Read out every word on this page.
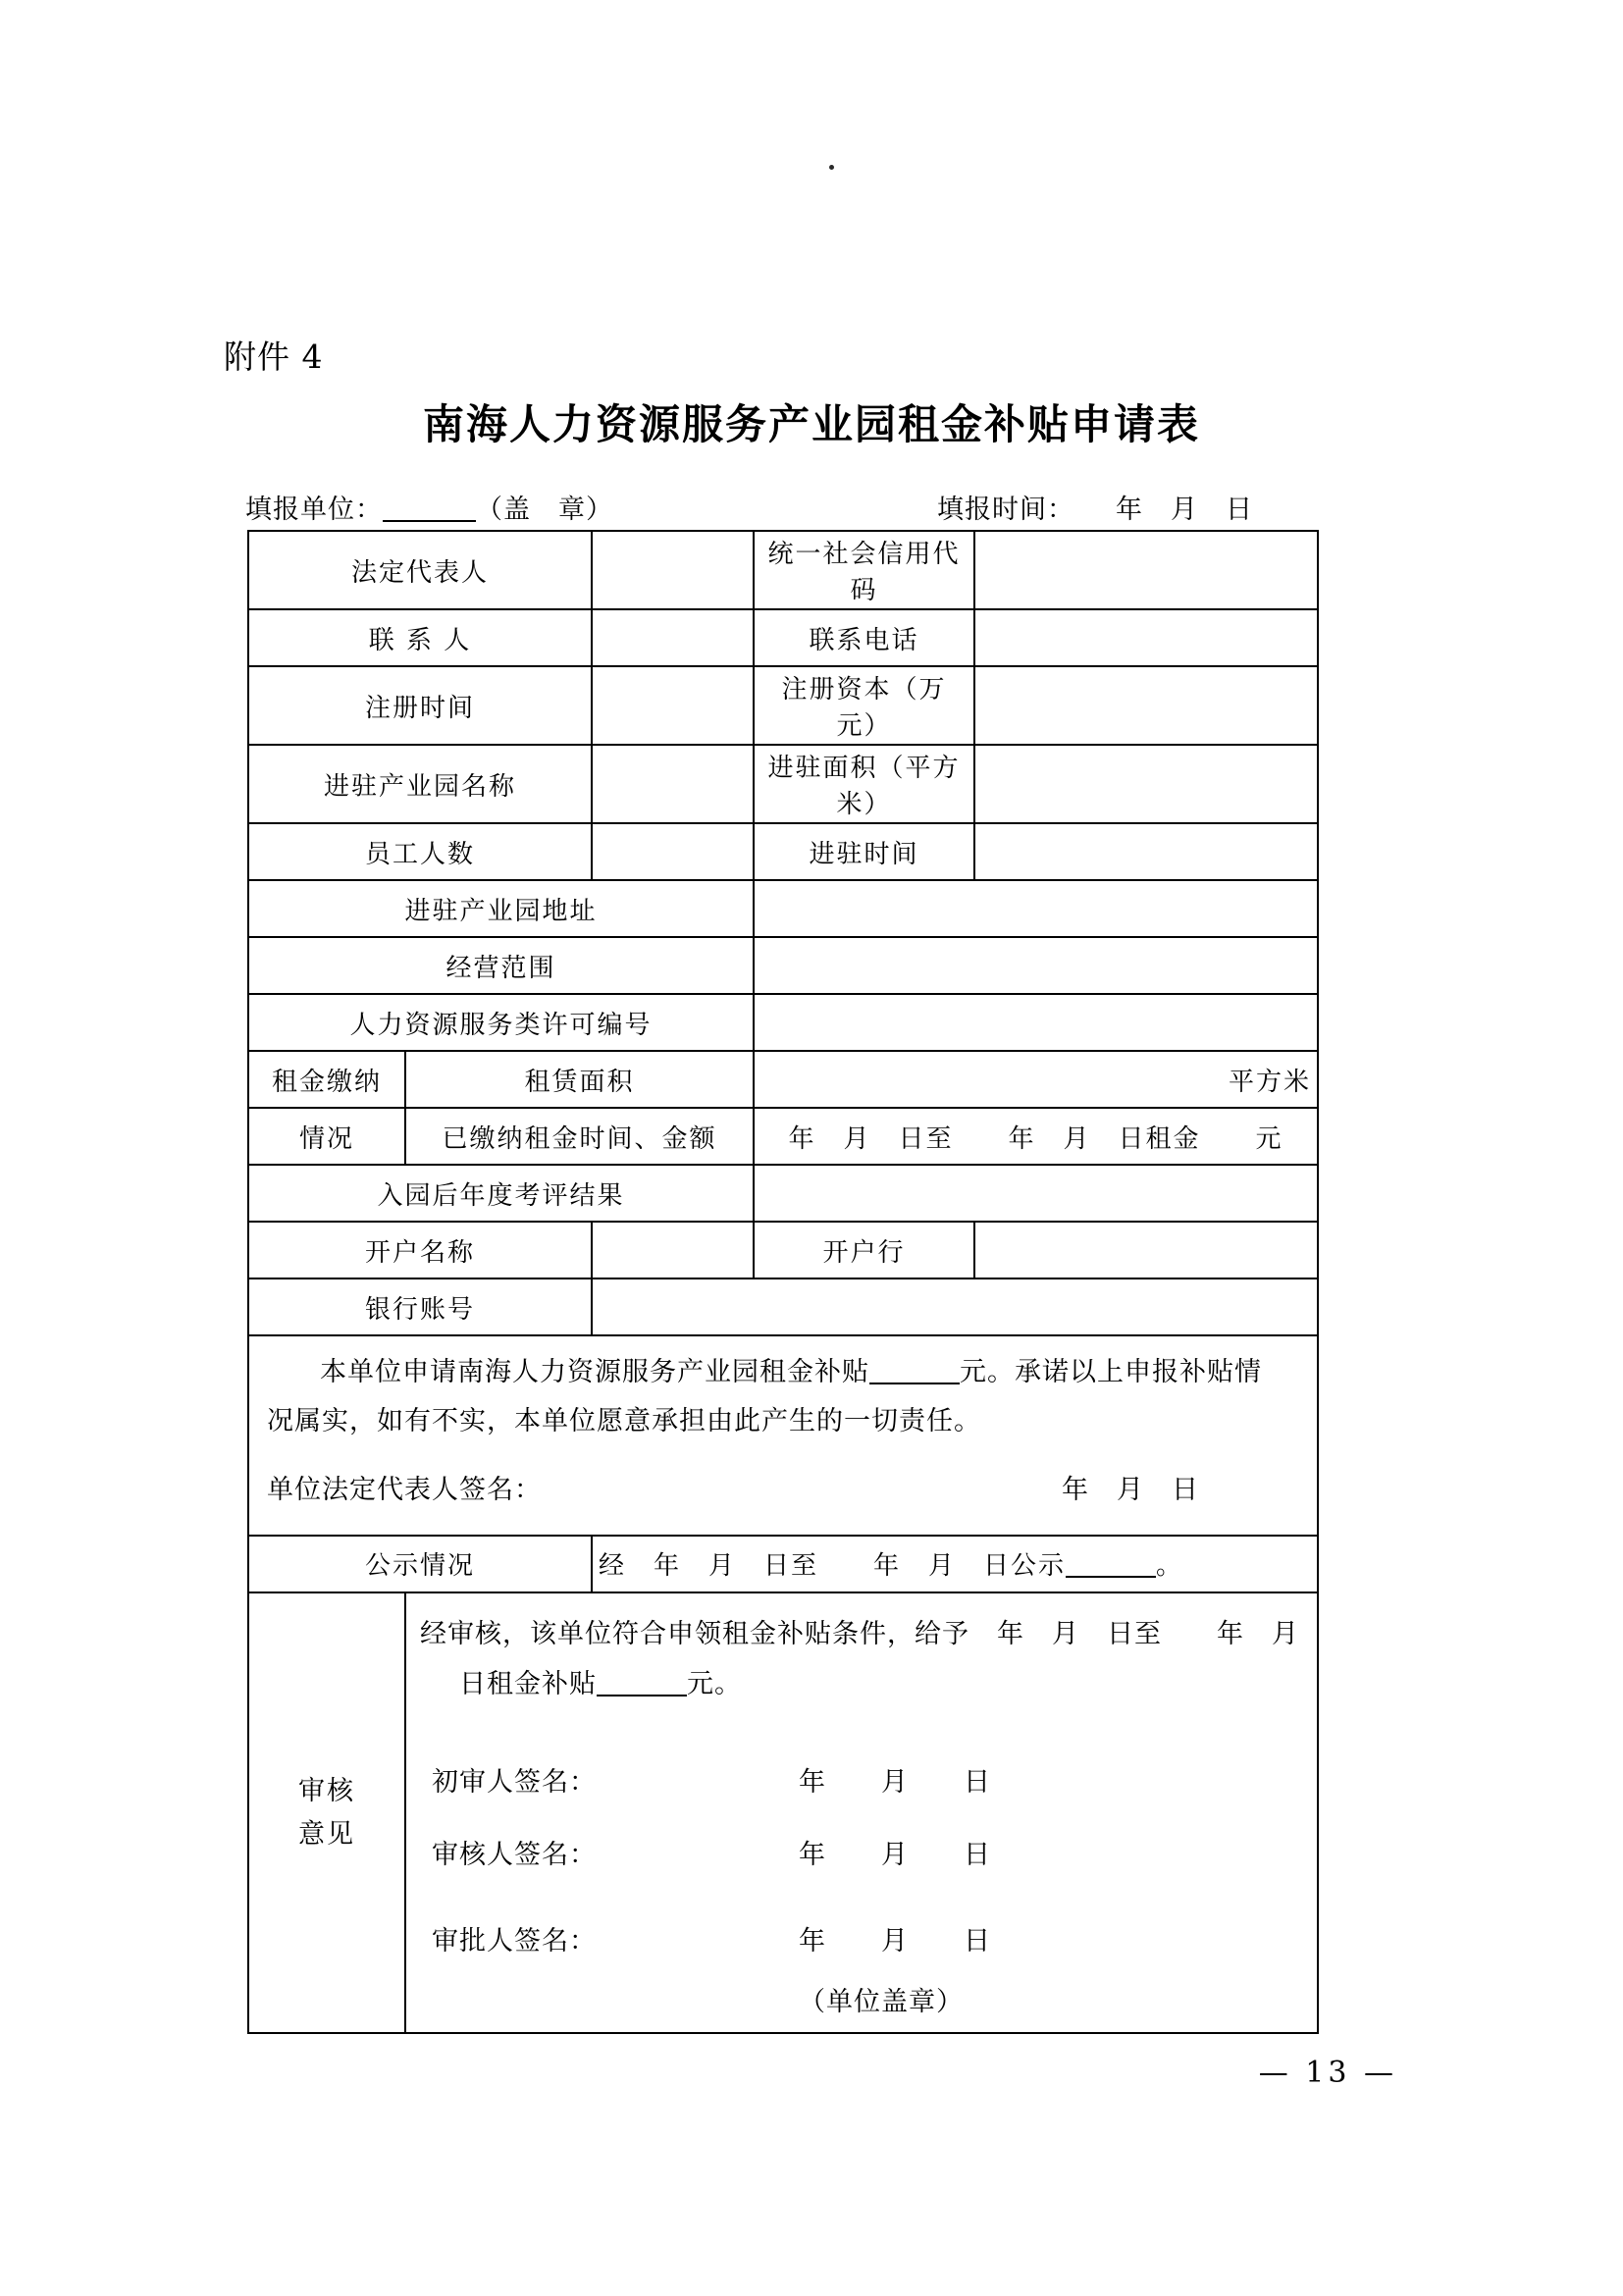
附件 4
南海人力资源服务产业园租金补贴申请表
填报单位：	（盖　章）	填报时间： 年　月　日
法定代表人			统一社会信用代码	
联 系 人			联系电话	
注册时间			注册资本（万元）	
进驻产业园名称			进驻面积（平方米）	
员工人数			进驻时间	
进驻产业园地址				
经营范围				
人力资源服务类许可编号				
租金缴纳	租赁面积		平方米	
情况	已缴纳租金时间、金额		年　月　日至　　年　月　日租金　　元	
入园后年度考评结果				
开户名称			开户行	
银行账号				

本单位申请南海人力资源服务产业园租金补贴 元。承诺以上申报补贴情
况属实，如有不实，本单位愿意承担由此产生的一切责任。
单位法定代表人签名： 年　月　日				

公示情况		经　年　月　日至　　年　月　日公示 。		

审核
意见

经审核，该单位符合申领租金补贴条件，给予　年　月　日至　　年　月
日租金补贴	元。
初审人签名：	年　　月　　日
审核人签名：	年　　月　　日
审批人签名：	年　　月　　日
（单位盖章）
— 13 —
